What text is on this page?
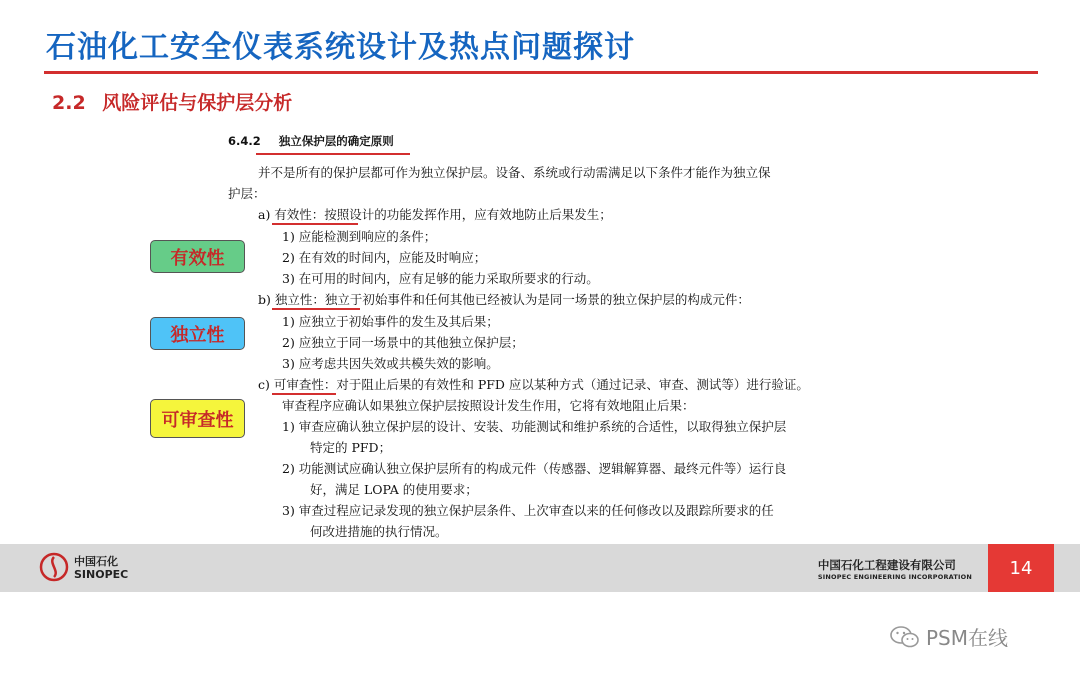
石油化工安全仪表系统设计及热点问题探讨
2.2 风险评估与保护层分析
6.4.2 独立保护层的确定原则
并不是所有的保护层都可作为独立保护层。设备、系统或行动需满足以下条件才能作为独立保
护层：
a) 有效性：按照设计的功能发挥作用，应有效地防止后果发生；
1) 应能检测到响应的条件；
2) 在有效的时间内，应能及时响应；
3) 在可用的时间内，应有足够的能力采取所要求的行动。
b) 独立性：独立于初始事件和任何其他已经被认为是同一场景的独立保护层的构成元件：
1) 应独立于初始事件的发生及其后果；
2) 应独立于同一场景中的其他独立保护层；
3) 应考虑共因失效或共模失效的影响。
c) 可审查性：对于阻止后果的有效性和 PFD 应以某种方式（通过记录、审查、测试等）进行验证。
审查程序应确认如果独立保护层按照设计发生作用，它将有效地阻止后果：
1) 审查应确认独立保护层的设计、安装、功能测试和维护系统的合适性，以取得独立保护层
特定的 PFD；
2) 功能测试应确认独立保护层所有的构成元件（传感器、逻辑解算器、最终元件等）运行良
好，满足 LOPA 的使用要求；
3) 审查过程应记录发现的独立保护层条件、上次审查以来的任何修改以及跟踪所要求的任
何改进措施的执行情况。
有效性
独立性
可审查性
中国石化
SINOPEC
中国石化工程建设有限公司
SINOPEC ENGINEERING INCORPORATION	14
PSM在线
